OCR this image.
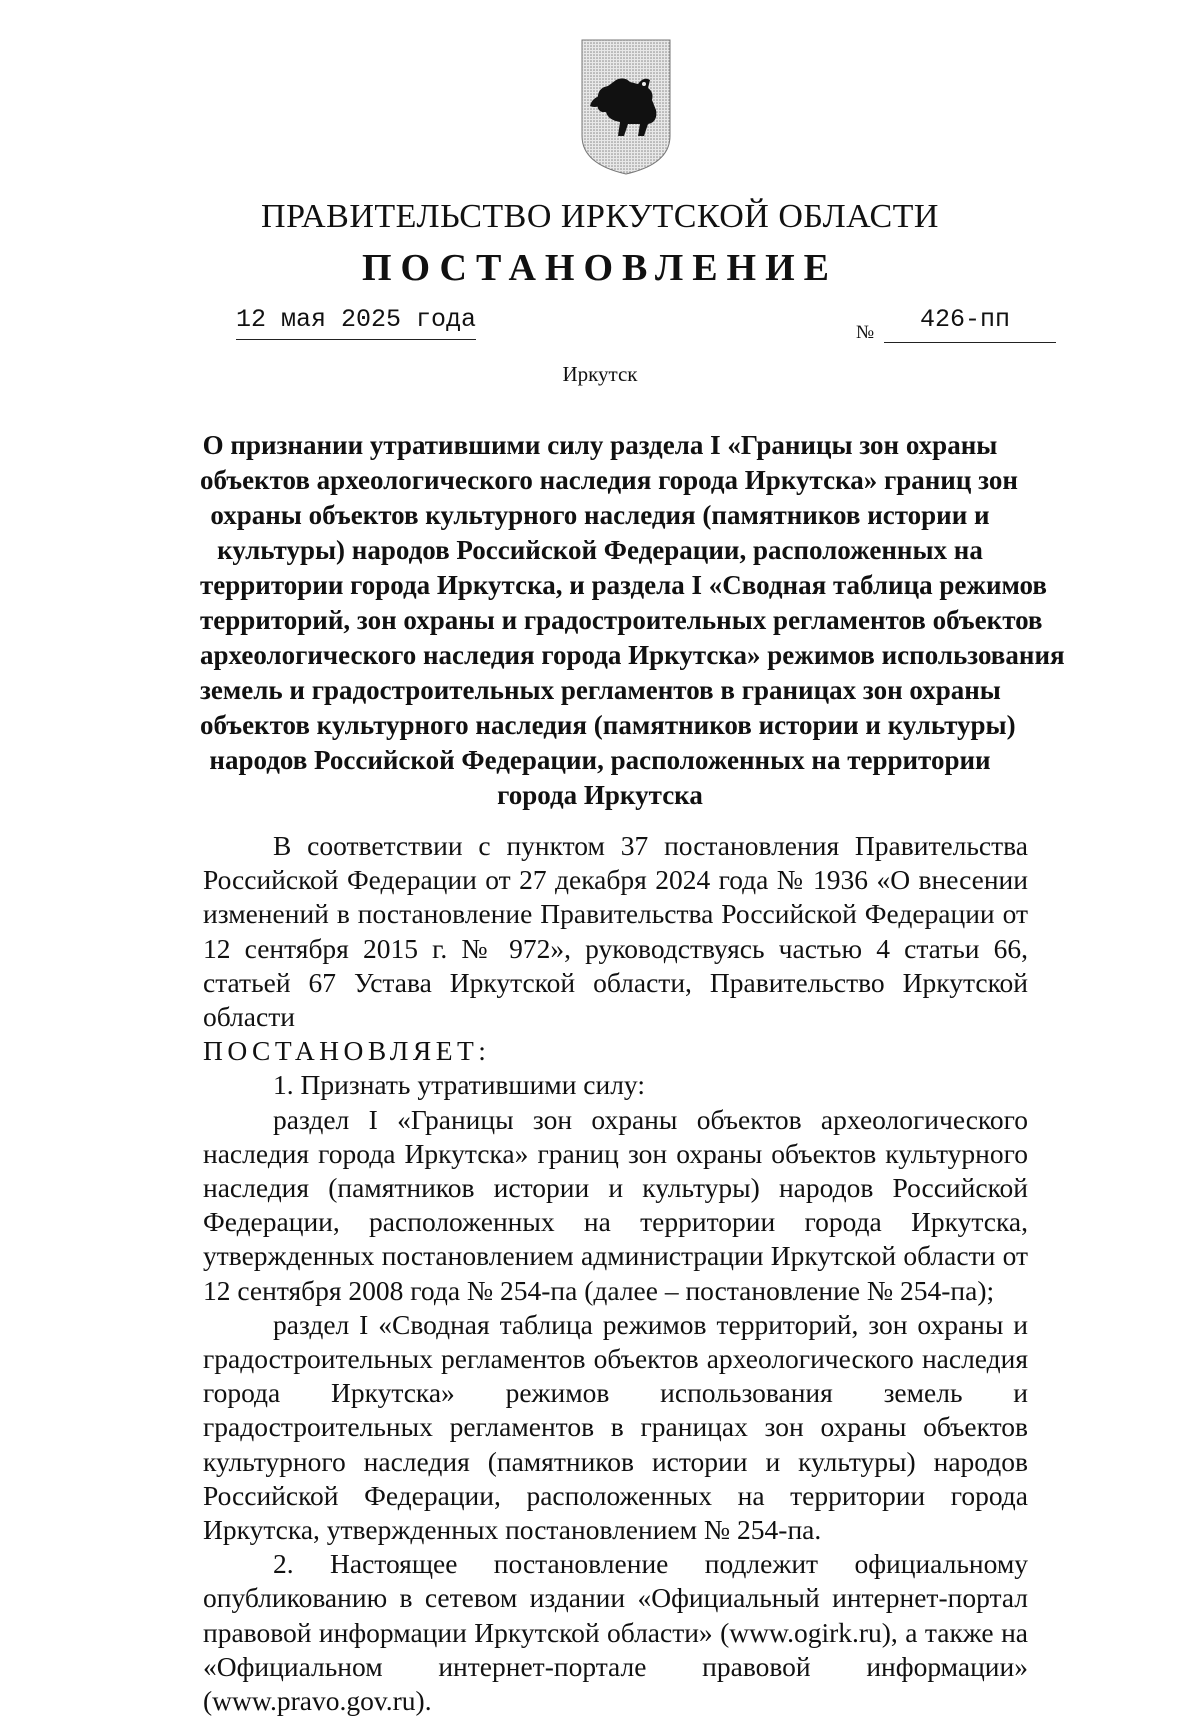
ПРАВИТЕЛЬСТВО ИРКУТСКОЙ ОБЛАСТИ
ПОСТАНОВЛЕНИЕ
12 мая 2025 года	№ 426-пп
Иркутск
О признании утратившими силу раздела I «Границы зон охраны
объектов археологического наследия города Иркутска» границ зон
охраны объектов культурного наследия (памятников истории и
культуры) народов Российской Федерации, расположенных на
территории города Иркутска, и раздела I «Сводная таблица режимов
территорий, зон охраны и градостроительных регламентов объектов
археологического наследия города Иркутска» режимов использования
земель и градостроительных регламентов в границах зон охраны
объектов культурного наследия (памятников истории и культуры)
народов Российской Федерации, расположенных на территории
города Иркутска

В соответствии с пунктом 37 постановления Правительства Российской Федерации от 27 декабря 2024 года № 1936 «О внесении изменений в постановление Правительства Российской Федерации от 12 сентября 2015 г. № 972», руководствуясь частью 4 статьи 66, статьей 67 Устава Иркутской области, Правительство Иркутской области

ПОСТАНОВЛЯЕТ:

1. Признать утратившими силу:

раздел I «Границы зон охраны объектов археологического наследия города Иркутска» границ зон охраны объектов культурного наследия (памятников истории и культуры) народов Российской Федерации, расположенных на территории города Иркутска, утвержденных постановлением администрации Иркутской области от 12 сентября 2008 года № 254-па (далее – постановление № 254-па);

раздел I «Сводная таблица режимов территорий, зон охраны и градостроительных регламентов объектов археологического наследия города Иркутска» режимов использования земель и градостроительных регламентов в границах зон охраны объектов культурного наследия (памятников истории и культуры) народов Российской Федерации, расположенных на территории города Иркутска, утвержденных постановлением № 254-па.

2. Настоящее постановление подлежит официальному опубликованию в сетевом издании «Официальный интернет-портал правовой информации Иркутской области» (www.ogirk.ru), а также на «Официальном интернет-портале правовой информации» (www.pravo.gov.ru).
